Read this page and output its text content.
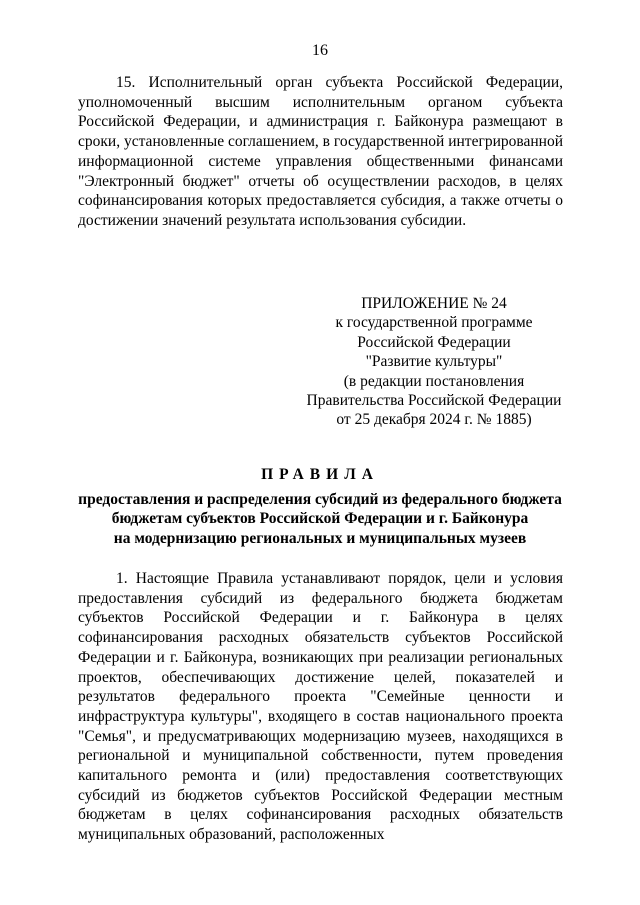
16

15. Исполнительный орган субъекта Российской Федерации, уполномоченный высшим исполнительным органом субъекта Российской Федерации, и администрация г. Байконура размещают в сроки, установленные соглашением, в государственной интегрированной информационной системе управления общественными финансами "Электронный бюджет" отчеты об осуществлении расходов, в целях софинансирования которых предоставляется субсидия, а также отчеты о достижении значений результата использования субсидии.

ПРИЛОЖЕНИЕ № 24
к государственной программе
Российской Федерации
"Развитие культуры"
(в редакции постановления
Правительства Российской Федерации
от 25 декабря 2024 г. № 1885)
ПРАВИЛА
предоставления и распределения субсидий из федерального бюджета
бюджетам субъектов Российской Федерации и г. Байконура
на модернизацию региональных и муниципальных музеев

1. Настоящие Правила устанавливают порядок, цели и условия предоставления субсидий из федерального бюджета бюджетам субъектов Российской Федерации и г. Байконура в целях софинансирования расходных обязательств субъектов Российской Федерации и г. Байконура, возникающих при реализации региональных проектов, обеспечивающих достижение целей, показателей и результатов федерального проекта "Семейные ценности и инфраструктура культуры", входящего в состав национального проекта "Семья", и предусматривающих модернизацию музеев, находящихся в региональной и муниципальной собственности, путем проведения капитального ремонта и (или) предоставления соответствующих субсидий из бюджетов субъектов Российской Федерации местным бюджетам в целях софинансирования расходных обязательств муниципальных образований, расположенных
